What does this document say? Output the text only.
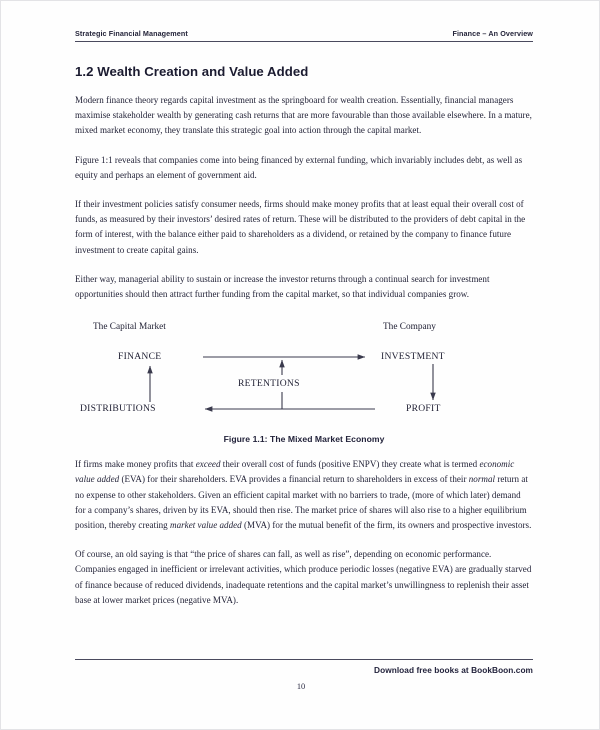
Strategic Financial Management	Finance – An Overview
1.2 Wealth Creation and Value Added

Modern finance theory regards capital investment as the springboard for wealth creation. Essentially, financial managers maximise stakeholder wealth by generating cash returns that are more favourable than those available elsewhere. In a mature, mixed market economy, they translate this strategic goal into action through the capital market.

Figure 1:1 reveals that companies come into being financed by external funding, which invariably includes debt, as well as equity and perhaps an element of government aid.

If their investment policies satisfy consumer needs, firms should make money profits that at least equal their overall cost of funds, as measured by their investors’ desired rates of return. These will be distributed to the providers of debt capital in the form of interest, with the balance either paid to shareholders as a dividend, or retained by the company to finance future investment to create capital gains.

Either way, managerial ability to sustain or increase the investor returns through a continual search for investment opportunities should then attract further funding from the capital market, so that individual companies grow.

The Capital Market	The Company
FINANCE
DISTRIBUTIONS
INVESTMENT
PROFIT
RETENTIONS
Figure 1.1: The Mixed Market Economy

If firms make money profits that exceed their overall cost of funds (positive ENPV) they create what is termed economic value added (EVA) for their shareholders. EVA provides a financial return to shareholders in excess of their normal return at no expense to other stakeholders. Given an efficient capital market with no barriers to trade, (more of which later) demand for a company’s shares, driven by its EVA, should then rise. The market price of shares will also rise to a higher equilibrium position, thereby creating market value added (MVA) for the mutual benefit of the firm, its owners and prospective investors.

Of course, an old saying is that “the price of shares can fall, as well as rise”, depending on economic performance. Companies engaged in inefficient or irrelevant activities, which produce periodic losses (negative EVA) are gradually starved of finance because of reduced dividends, inadequate retentions and the capital market’s unwillingness to replenish their asset base at lower market prices (negative MVA).

Download free books at BookBoon.com
10
